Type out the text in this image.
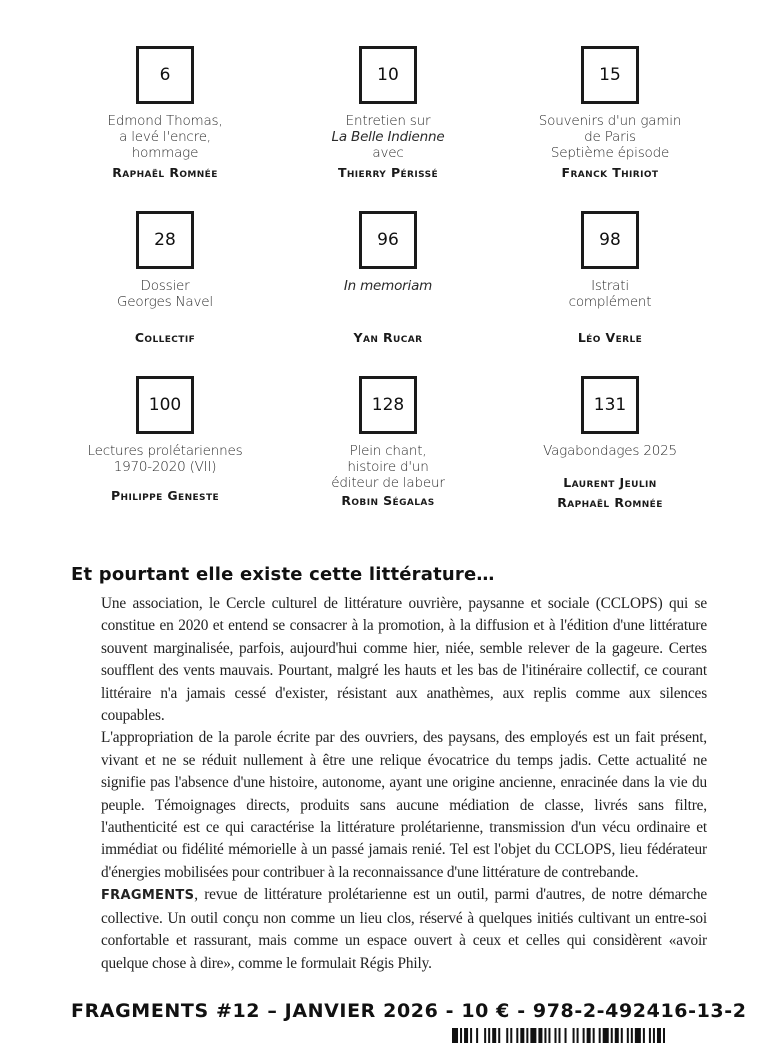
6
Edmond Thomas,
a levé l'encre,
hommage
Raphaël Romnée
10
Entretien sur
La Belle Indienne
avec
Thierry Périssé
15
Souvenirs d'un gamin
de Paris
Septième épisode
Franck Thiriot
28
Dossier
Georges Navel
Collectif
96
In memoriam
Yan Rucar
98
Istrati
complément
Léo Verle
100
Lectures prolétariennes
1970-2020 (VII)
Philippe Geneste
128
Plein chant,
histoire d'un
éditeur de labeur
Robin Ségalas
131
Vagabondages 2025
Laurent Jeulin
Raphaël Romnée
Et pourtant elle existe cette littérature…

Une association, le Cercle culturel de littérature ouvrière, paysanne et sociale (CCLOPS) qui se constitue en 2020 et entend se consacrer à la promotion, à la diffusion et à l'édition d'une littérature souvent marginalisée, parfois, aujourd'hui comme hier, niée, semble relever de la gageure. Certes soufflent des vents mauvais. Pourtant, malgré les hauts et les bas de l'itinéraire collectif, ce courant littéraire n'a jamais cessé d'exister, résistant aux anathèmes, aux replis comme aux silences coupables.

L'appropriation de la parole écrite par des ouvriers, des paysans, des employés est un fait présent, vivant et ne se réduit nullement à être une relique évocatrice du temps jadis. Cette actualité ne signifie pas l'absence d'une histoire, autonome, ayant une origine ancienne, enracinée dans la vie du peuple. Témoignages directs, produits sans aucune médiation de classe, livrés sans filtre, l'authenticité est ce qui caractérise la littérature prolétarienne, transmission d'un vécu ordinaire et immédiat ou fidélité mémorielle à un passé jamais renié. Tel est l'objet du CCLOPS, lieu fédérateur d'énergies mobilisées pour contribuer à la reconnaissance d'une littérature de contrebande.

FRAGMENTS, revue de littérature prolétarienne est un outil, parmi d'autres, de notre démarche collective. Un outil conçu non comme un lieu clos, réservé à quelques initiés cultivant un entre-soi confortable et rassurant, mais comme un espace ouvert à ceux et celles qui considèrent «avoir quelque chose à dire», comme le formulait Régis Phily.

FRAGMENTS #12 – JANVIER 2026 - 10 € - 978-2-492416-13-2
